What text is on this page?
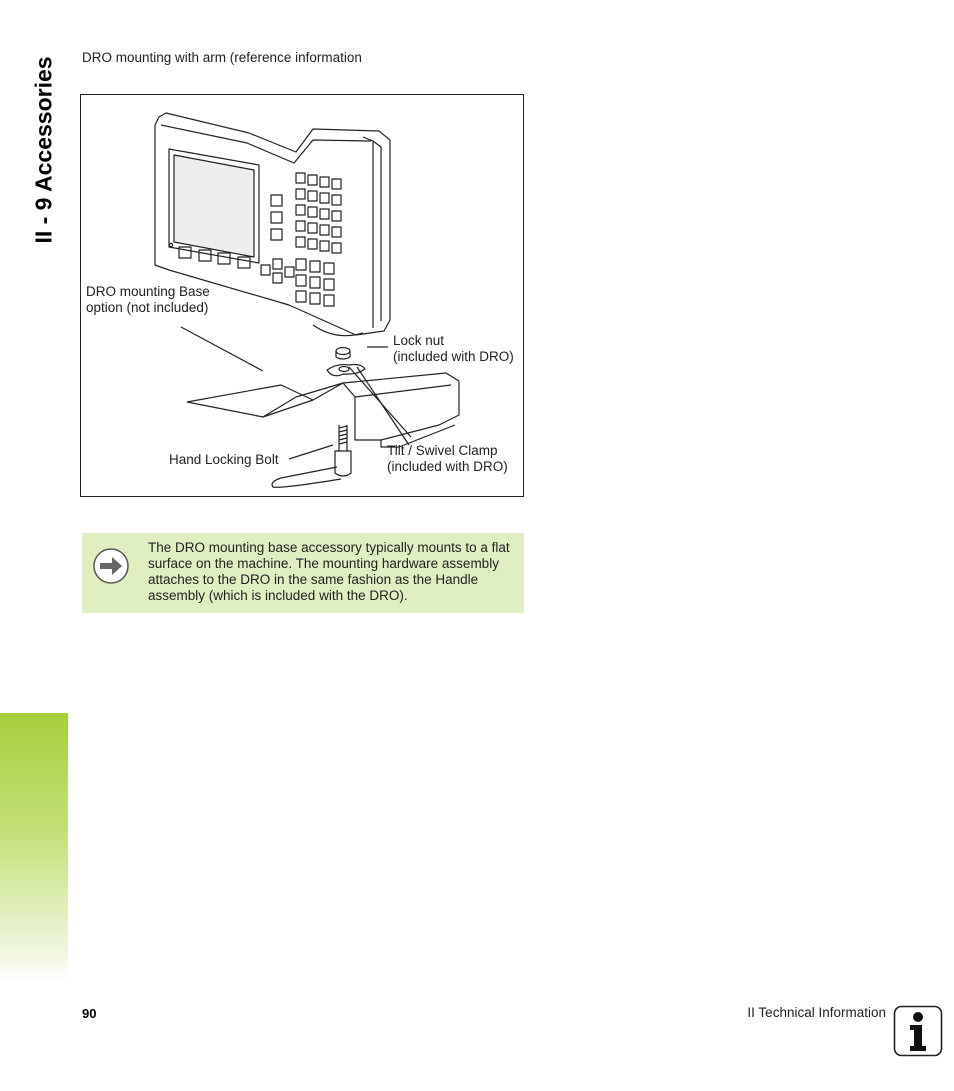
II - 9 Accessories DRO mounting with arm (reference information
DRO mounting Base
option (not included)
Lock nut
(included with DRO)
Hand Locking Bolt
Tilt / Swivel Clamp
(included with DRO)
The DRO mounting base accessory typically mounts to a flat surface on the machine. The mounting hardware assembly attaches to the DRO in the same fashion as the Handle assembly (which is included with the DRO).
90	II Technical Information
